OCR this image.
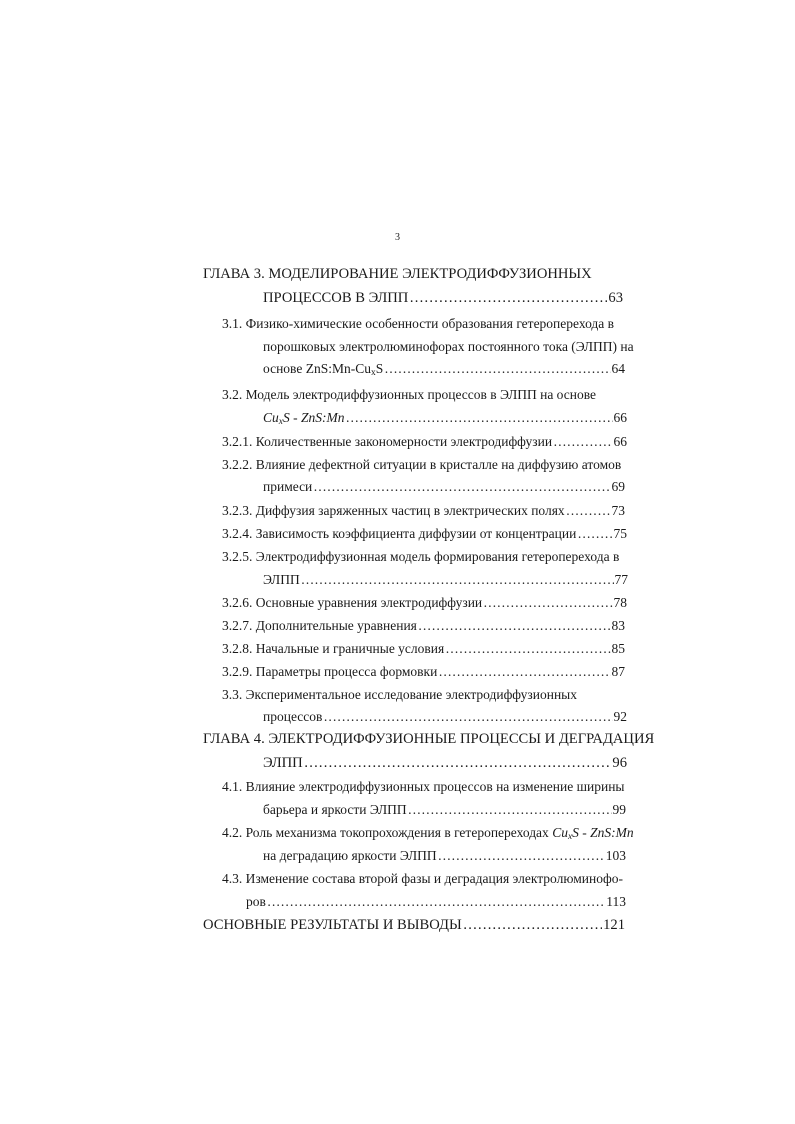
3
ГЛАВА 3. МОДЕЛИРОВАНИЕ ЭЛЕКТРОДИФФУЗИОННЫХ
ПРОЦЕССОВ В ЭЛПП …………………………………………………………………………………………………………………………………………………………………………………	63
3.1. Физико-химические особенности образования гетероперехода в
порошковых электролюминофорах постоянного тока (ЭЛПП) на
основе $ZnS:Mn-Cu_xS$ …………………………………………………………………………………………………………………………………………………………………………………	64
3.2. Модель электродиффузионных процессов в ЭЛПП на основе
$Cu_xS$ - ZnS:Mn …………………………………………………………………………………………………………………………………………………………………………………	66
3.2.1. Количественные закономерности электродиффузии …………………………………………………………………………………………………………………………………………………………………………………	66
3.2.2. Влияние дефектной ситуации в кристалле на диффузию атомов
примеси …………………………………………………………………………………………………………………………………………………………………………………	69
3.2.3. Диффузия заряженных частиц в электрических полях …………………………………………………………………………………………………………………………………………………………………………………	73
3.2.4. Зависимость коэффициента диффузии от концентрации …………………………………………………………………………………………………………………………………………………………………………………	75
3.2.5. Электродиффузионная модель формирования гетероперехода в
ЭЛПП …………………………………………………………………………………………………………………………………………………………………………………	77
3.2.6. Основные уравнения электродиффузии …………………………………………………………………………………………………………………………………………………………………………………	78
3.2.7. Дополнительные уравнения …………………………………………………………………………………………………………………………………………………………………………………	83
3.2.8. Начальные и граничные условия …………………………………………………………………………………………………………………………………………………………………………………	85
3.2.9. Параметры процесса формовки …………………………………………………………………………………………………………………………………………………………………………………	87
3.3. Экспериментальное исследование электродиффузионных
процессов …………………………………………………………………………………………………………………………………………………………………………………	92
ГЛАВА 4. ЭЛЕКТРОДИФФУЗИОННЫЕ ПРОЦЕССЫ И ДЕГРАДАЦИЯ
ЭЛПП …………………………………………………………………………………………………………………………………………………………………………………	96
4.1. Влияние электродиффузионных процессов на изменение ширины
барьера и яркости ЭЛПП …………………………………………………………………………………………………………………………………………………………………………………	99
4.2. Роль механизма токопрохождения в гетеропереходах $Cu_xS$ - ZnS:Mn
на деградацию яркости ЭЛПП …………………………………………………………………………………………………………………………………………………………………………………	103
4.3. Изменение состава второй фазы и деградация электролюминофо-
ров …………………………………………………………………………………………………………………………………………………………………………………	113
ОСНОВНЫЕ РЕЗУЛЬТАТЫ И ВЫВОДЫ …………………………………………………………………………………………………………………………………………………………………………………	121
